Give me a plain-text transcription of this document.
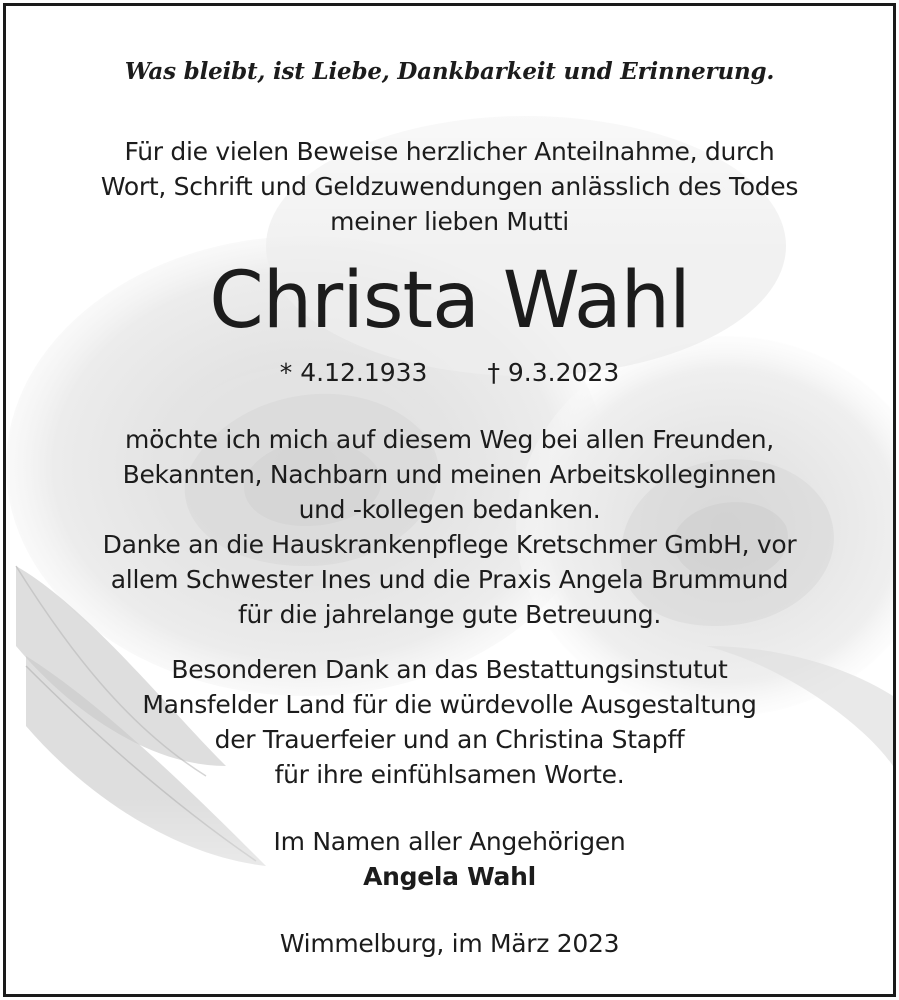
Was bleibt, ist Liebe, Dankbarkeit und Erinnerung.
Für die vielen Beweise herzlicher Anteilnahme, durch
Wort, Schrift und Geldzuwendungen anlässlich des Todes
meiner lieben Mutti
Christa Wahl
* 4.12.1933 † 9.3.2023
möchte ich mich auf diesem Weg bei allen Freunden,
Bekannten, Nachbarn und meinen Arbeitskolleginnen
und -kollegen bedanken.
Danke an die Hauskrankenpflege Kretschmer GmbH, vor
allem Schwester Ines und die Praxis Angela Brummund
für die jahrelange gute Betreuung.
Besonderen Dank an das Bestattungsinstutut
Mansfelder Land für die würdevolle Ausgestaltung
der Trauerfeier und an Christina Stapff
für ihre einfühlsamen Worte.
Im Namen aller Angehörigen
Angela Wahl
Wimmelburg, im März 2023
